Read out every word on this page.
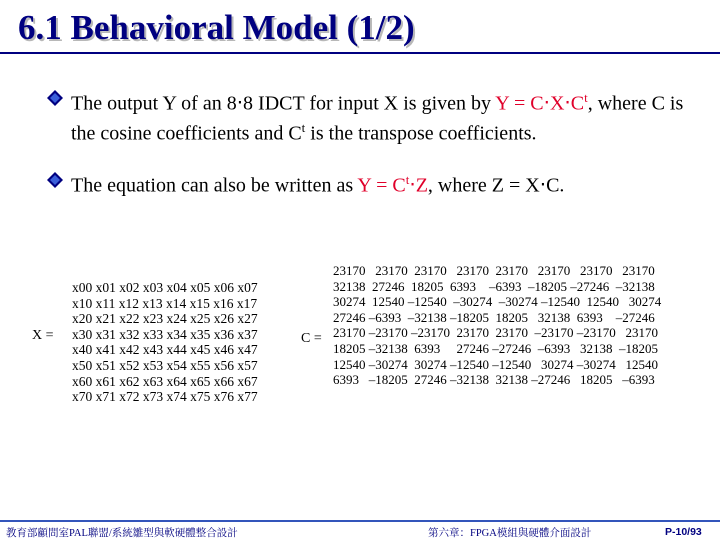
6.1 Behavioral Model (1/2)
The output Y of an 8‧8 IDCT for input X is given by $Y = C‧X‧C^t$, where C is the cosine coefficients and $C^t$ is the transpose coefficients.
The equation can also be written as $Y = C^t‧Z$, where Z = X‧C.
X =
x00 x01 x02 x03 x04 x05 x06 x07
x10 x11 x12 x13 x14 x15 x16 x17
x20 x21 x22 x23 x24 x25 x26 x27
x30 x31 x32 x33 x34 x35 x36 x37
x40 x41 x42 x43 x44 x45 x46 x47
x50 x51 x52 x53 x54 x55 x56 x57
x60 x61 x62 x63 x64 x65 x66 x67
x70 x71 x72 x73 x74 x75 x76 x77
C =
23170   23170  23170   23170  23170   23170   23170   23170
32138  27246  18205  6393    –6393  –18205 –27246  –32138
30274  12540 –12540  –30274  –30274 –12540  12540   30274
27246 –6393  –32138 –18205  18205   32138  6393    –27246
23170 –23170 –23170  23170  23170  –23170 –23170   23170
18205 –32138  6393     27246 –27246  –6393   32138  –18205
12540 –30274  30274 –12540 –12540   30274 –30274   12540
6393   –18205  27246 –32138  32138 –27246   18205   –6393
教育部顧問室PAL聯盟/系統雛型與軟硬體整合設計	第六章：FPGA模組與硬體介面設計	P-10/93
